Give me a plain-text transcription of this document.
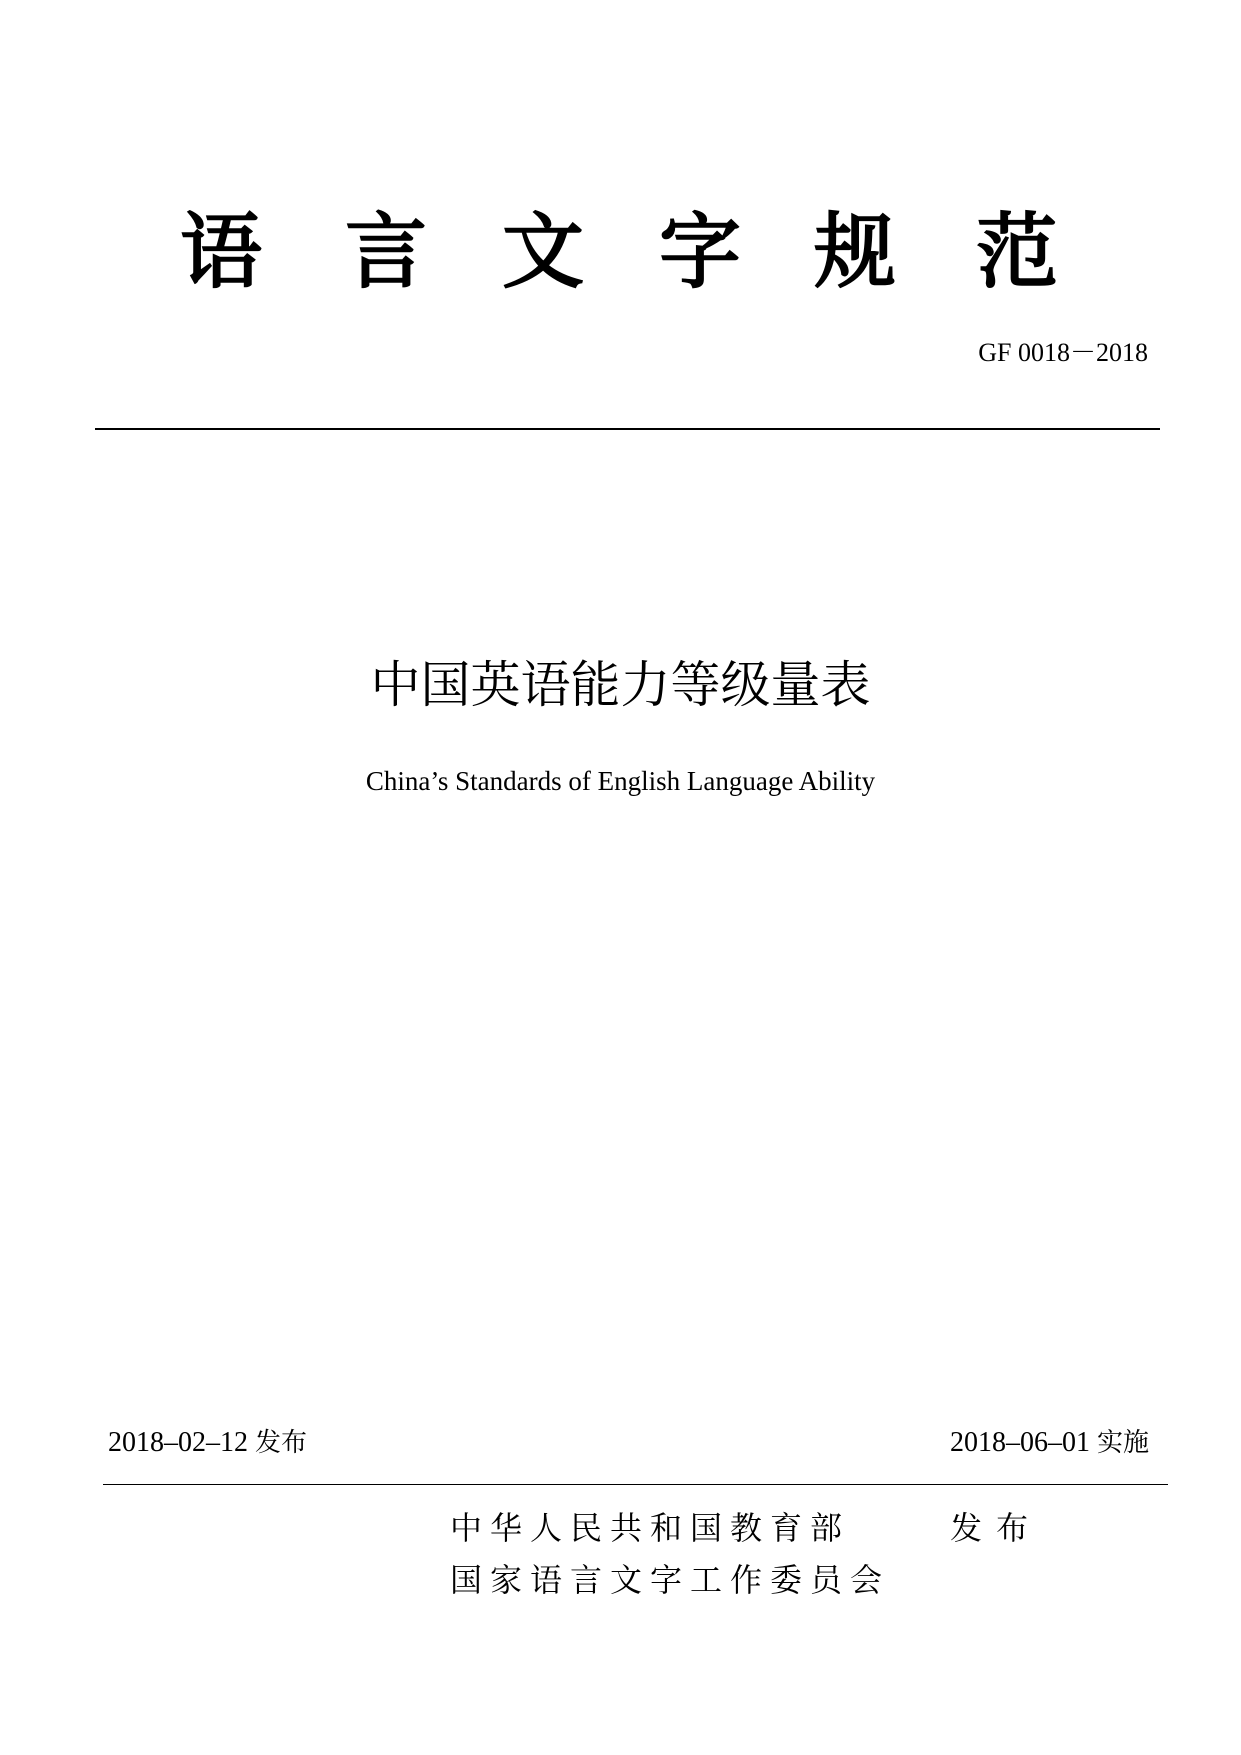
语 言 文 字 规 范
GF 0018－2018
中国英语能力等级量表
China’s Standards of English Language Ability
2018–02–12 发布	2018–06–01 实施
中华人民共和国教育部
国家语言文字工作委员会
发布
